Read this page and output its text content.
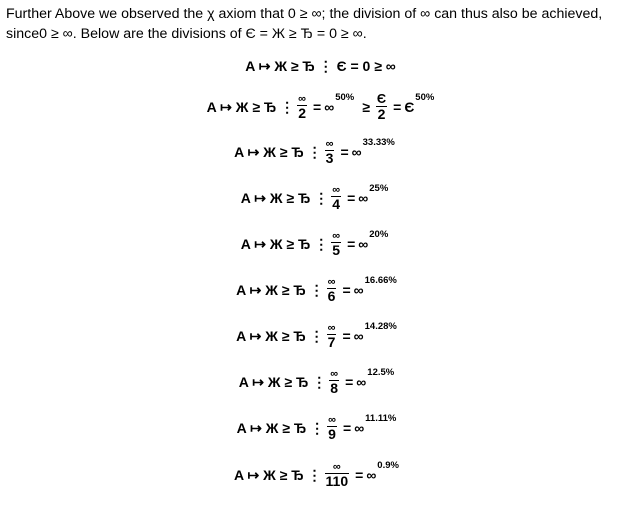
Further Above we observed the χ axiom that 0 ≥ ∞; the division of ∞ can thus also be achieved,
since0 ≥ ∞. Below are the divisions of Є = Ж ≥ Ђ = 0 ≥ ∞.
A ↦ Ж ≥ Ђ ⋮ Є = 0 ≥ ∞
A ↦ Ж ≥ Ђ ⋮ $\frac{\infty}{2}$ = ∞
$^{50\%}$
≥ $\frac{Є}{2} = Є$
$^{50\%}$
A ↦ Ж ≥ Ђ ⋮ $\frac{\infty}{3}$ = ∞
$^{33.33\%}$
A ↦ Ж ≥ Ђ ⋮ $\frac{\infty}{4}$ = ∞
$^{25\%}$
A ↦ Ж ≥ Ђ ⋮ $\frac{\infty}{5}$ = ∞
$^{20\%}$
A ↦ Ж ≥ Ђ ⋮ $\frac{\infty}{6}$ = ∞
$^{16.66\%}$
A ↦ Ж ≥ Ђ ⋮ $\frac{\infty}{7}$ = ∞
$^{14.28\%}$
A ↦ Ж ≥ Ђ ⋮ $\frac{\infty}{8}$ = ∞
$^{12.5\%}$
A ↦ Ж ≥ Ђ ⋮ $\frac{\infty}{9}$ = ∞
$^{11.11\%}$
A ↦ Ж ≥ Ђ ⋮ $\frac{\infty}{110}$ = ∞
$^{0.9\%}$
